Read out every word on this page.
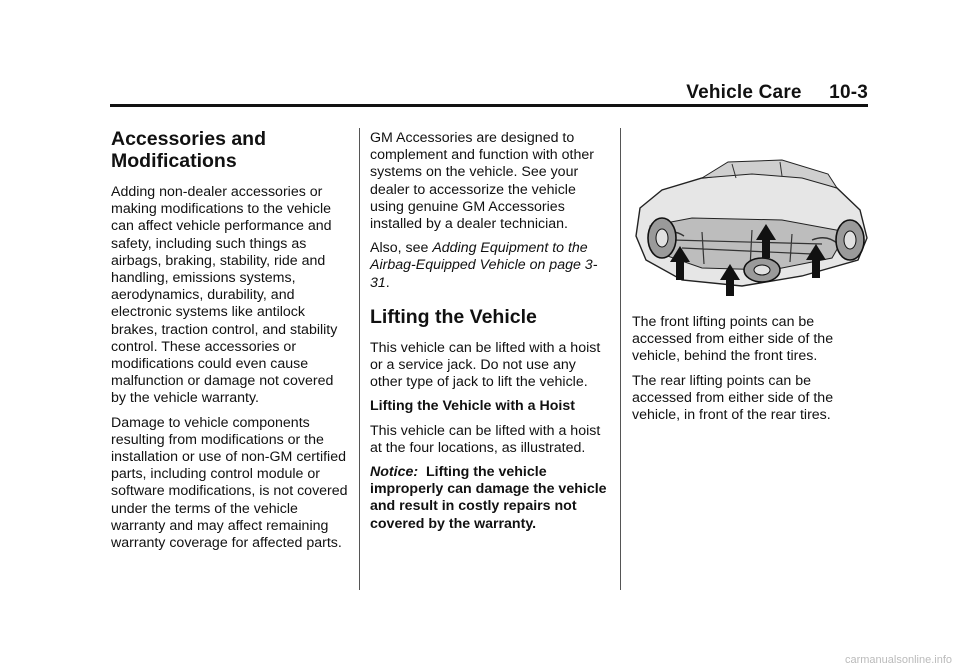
Vehicle Care 10-3
Accessories and Modifications

Adding non-dealer accessories or making modifications to the vehicle can affect vehicle performance and safety, including such things as airbags, braking, stability, ride and handling, emissions systems, aerodynamics, durability, and electronic systems like antilock brakes, traction control, and stability control. These accessories or modifications could even cause malfunction or damage not covered by the vehicle warranty.

Damage to vehicle components resulting from modifications or the installation or use of non-GM certified parts, including control module or software modifications, is not covered under the terms of the vehicle warranty and may affect remaining warranty coverage for affected parts.

GM Accessories are designed to complement and function with other systems on the vehicle. See your dealer to accessorize the vehicle using genuine GM Accessories installed by a dealer technician.

Also, see Adding Equipment to the Airbag-Equipped Vehicle on page 3-31.

Lifting the Vehicle

This vehicle can be lifted with a hoist or a service jack. Do not use any other type of jack to lift the vehicle.

Lifting the Vehicle with a Hoist

This vehicle can be lifted with a hoist at the four locations, as illustrated.

Notice: Lifting the vehicle improperly can damage the vehicle and result in costly repairs not covered by the warranty.

The front lifting points can be accessed from either side of the vehicle, behind the front tires.

The rear lifting points can be accessed from either side of the vehicle, in front of the rear tires.

carmanualsonline.info
